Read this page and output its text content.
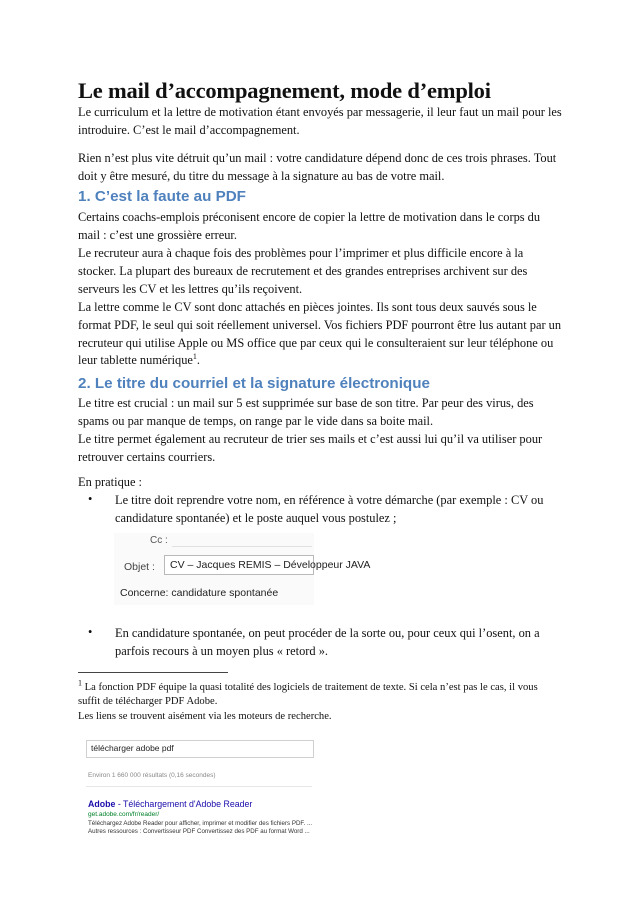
Le mail d’accompagnement, mode d’emploi

Le curriculum et la lettre de motivation étant envoyés par messagerie, il leur faut un mail pour les introduire. C’est le mail d’accompagnement.

Rien n’est plus vite détruit qu’un mail : votre candidature dépend donc de ces trois phrases. Tout doit y être mesuré, du titre du message à la signature au bas de votre mail.

1. C’est la faute au PDF

Certains coachs-emplois préconisent encore de copier la lettre de motivation dans le corps du mail : c’est une grossière erreur.

Le recruteur aura à chaque fois des problèmes pour l’imprimer et plus difficile encore à la stocker. La plupart des bureaux de recrutement et des grandes entreprises archivent sur des serveurs les CV et les lettres qu’ils reçoivent.

La lettre comme le CV sont donc attachés en pièces jointes. Ils sont tous deux sauvés sous le format PDF, le seul qui soit réellement universel. Vos fichiers PDF pourront être lus autant par un recruteur qui utilise Apple ou MS office que par ceux qui le consulteraient sur leur téléphone ou leur tablette numérique$^1$.

2. Le titre du courriel et la signature électronique

Le titre est crucial : un mail sur 5 est supprimée sur base de son titre. Par peur des virus, des spams ou par manque de temps, on range par le vide dans sa boite mail.

Le titre permet également au recruteur de trier ses mails et c’est aussi lui qu’il va utiliser pour retrouver certains courriers.

En pratique :

• Le titre doit reprendre votre nom, en référence à votre démarche (par exemple : CV ou candidature spontanée) et le poste auquel vous postulez ;

Cc :
Objet : CV – Jacques REMIS – Développeur JAVA
Concerne: candidature spontanée
• En candidature spontanée, on peut procéder de la sorte ou, pour ceux qui l’osent, on a parfois recours à un moyen plus « retord ».

$^1$ La fonction PDF équipe la quasi totalité des logiciels de traitement de texte. Si cela n’est pas le cas, il vous suffit de télécharger PDF Adobe.

Les liens se trouvent aisément via les moteurs de recherche.

télécharger adobe pdf
Environ 1 660 000 résultats (0,16 secondes)
Adobe - Téléchargement d'Adobe Reader
get.adobe.com/fr/reader/
Téléchargez Adobe Reader pour afficher, imprimer et modifier des fichiers PDF. ...
Autres ressources : Convertisseur PDF Convertissez des PDF au format Word ...
